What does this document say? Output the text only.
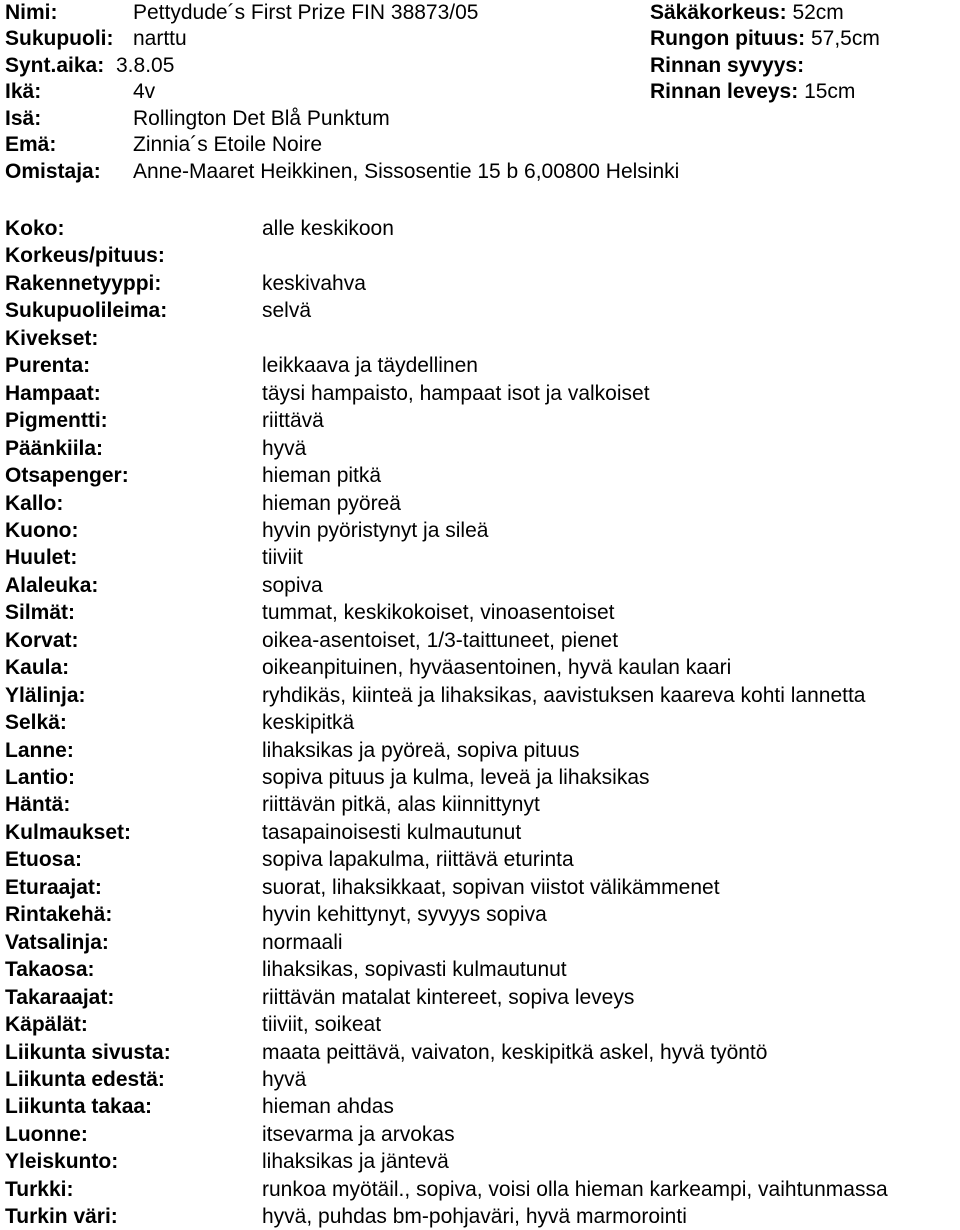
Nimi:	Pettydude´s First Prize FIN 38873/05
Sukupuoli: narttu
Synt.aika: 3.8.05
Ikä:	4v
Isä:	Rollington Det Blå Punktum
Emä:	Zinnia´s Etoile Noire
Omistaja: Anne-Maaret Heikkinen, Sissosentie 15 b 6,00800 Helsinki
Säkäkorkeus: 52cm
Rungon pituus: 57,5cm
Rinnan syvyys:
Rinnan leveys: 15cm
Koko:	alle keskikoon
Korkeus/pituus:
Rakennetyyppi:	keskivahva
Sukupuolileima:	selvä
Kivekset:
Purenta:	leikkaava ja täydellinen
Hampaat:	täysi hampaisto, hampaat isot ja valkoiset
Pigmentti:	riittävä
Päänkiila:	hyvä
Otsapenger:	hieman pitkä
Kallo:	hieman pyöreä
Kuono:	hyvin pyöristynyt ja sileä
Huulet:	tiiviit
Alaleuka:	sopiva
Silmät:	tummat, keskikokoiset, vinoasentoiset
Korvat:	oikea-asentoiset, 1/3-taittuneet, pienet
Kaula:	oikeanpituinen, hyväasentoinen, hyvä kaulan kaari
Ylälinja:	ryhdikäs, kiinteä ja lihaksikas, aavistuksen kaareva kohti lannetta
Selkä:	keskipitkä
Lanne:	lihaksikas ja pyöreä, sopiva pituus
Lantio:	sopiva pituus ja kulma, leveä ja lihaksikas
Häntä:	riittävän pitkä, alas kiinnittynyt
Kulmaukset:	tasapainoisesti kulmautunut
Etuosa:	sopiva lapakulma, riittävä eturinta
Eturaajat:	suorat, lihaksikkaat, sopivan viistot välikämmenet
Rintakehä:	hyvin kehittynyt, syvyys sopiva
Vatsalinja:	normaali
Takaosa:	lihaksikas, sopivasti kulmautunut
Takaraajat:	riittävän matalat kintereet, sopiva leveys
Käpälät:	tiiviit, soikeat
Liikunta sivusta:	maata peittävä, vaivaton, keskipitkä askel, hyvä työntö
Liikunta edestä:	hyvä
Liikunta takaa:	hieman ahdas
Luonne:	itsevarma ja arvokas
Yleiskunto:	lihaksikas ja jäntevä
Turkki:	runkoa myötäil., sopiva, voisi olla hieman karkeampi, vaihtunmassa
Turkin väri:	hyvä, puhdas bm-pohjaväri, hyvä marmorointi
